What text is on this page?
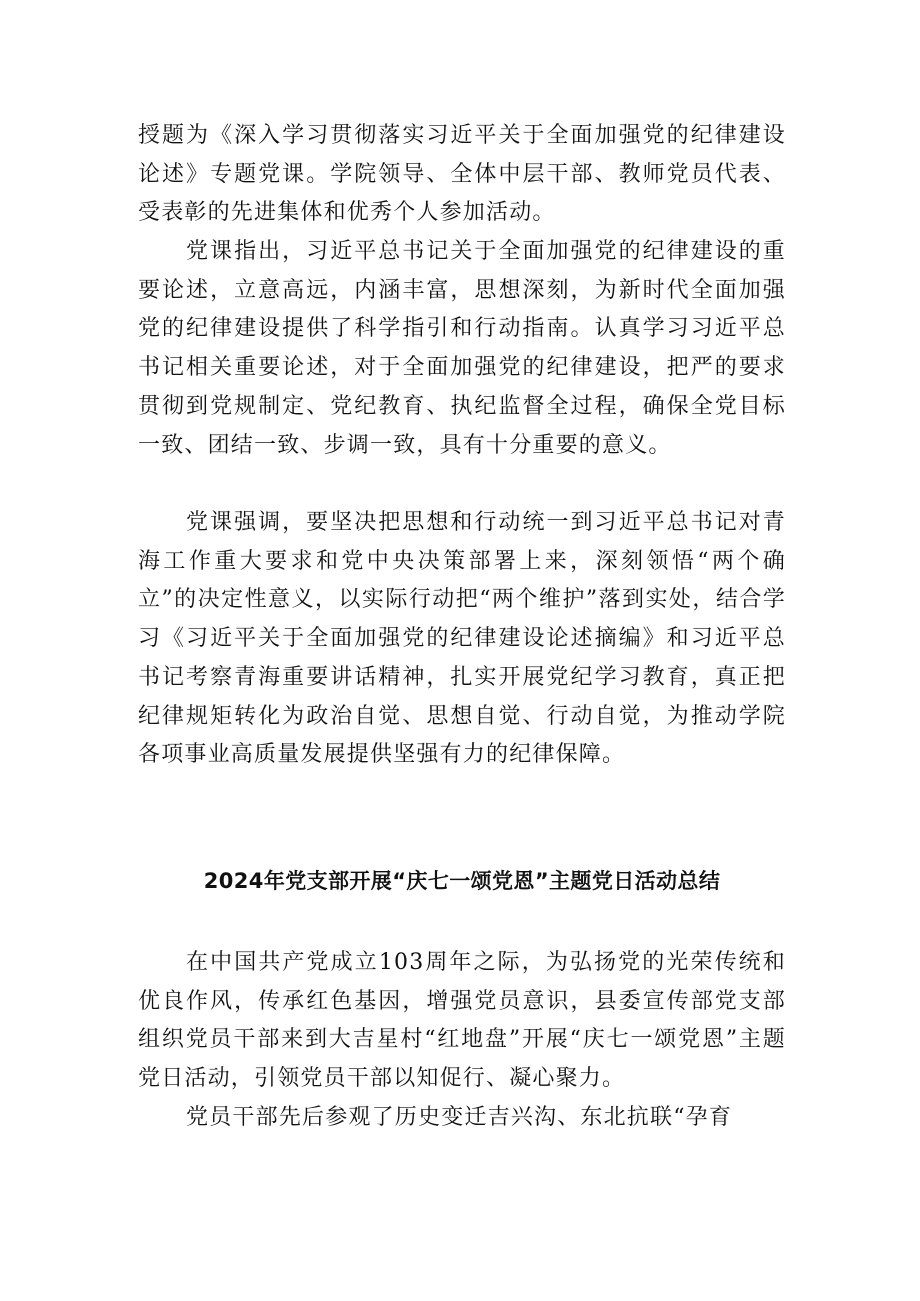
授题为《深入学习贯彻落实习近平关于全面加强党的纪律建设论述》专题党课。学院领导、全体中层干部、教师党员代表、受表彰的先进集体和优秀个人参加活动。

党课指出，习近平总书记关于全面加强党的纪律建设的重要论述，立意高远，内涵丰富，思想深刻，为新时代全面加强党的纪律建设提供了科学指引和行动指南。认真学习习近平总书记相关重要论述，对于全面加强党的纪律建设，把严的要求贯彻到党规制定、党纪教育、执纪监督全过程，确保全党目标一致、团结一致、步调一致，具有十分重要的意义。

党课强调，要坚决把思想和行动统一到习近平总书记对青海工作重大要求和党中央决策部署上来，深刻领悟“两个确立”的决定性意义，以实际行动把“两个维护”落到实处，结合学习《习近平关于全面加强党的纪律建设论述摘编》和习近平总书记考察青海重要讲话精神，扎实开展党纪学习教育，真正把纪律规矩转化为政治自觉、思想自觉、行动自觉，为推动学院各项事业高质量发展提供坚强有力的纪律保障。

2024年党支部开展“庆七一颂党恩”主题党日活动总结

在中国共产党成立103周年之际，为弘扬党的光荣传统和优良作风，传承红色基因，增强党员意识，县委宣传部党支部组织党员干部来到大吉星村“红地盘”开展“庆七一颂党恩”主题党日活动，引领党员干部以知促行、凝心聚力。

党员干部先后参观了历史变迁吉兴沟、东北抗联“孕育
